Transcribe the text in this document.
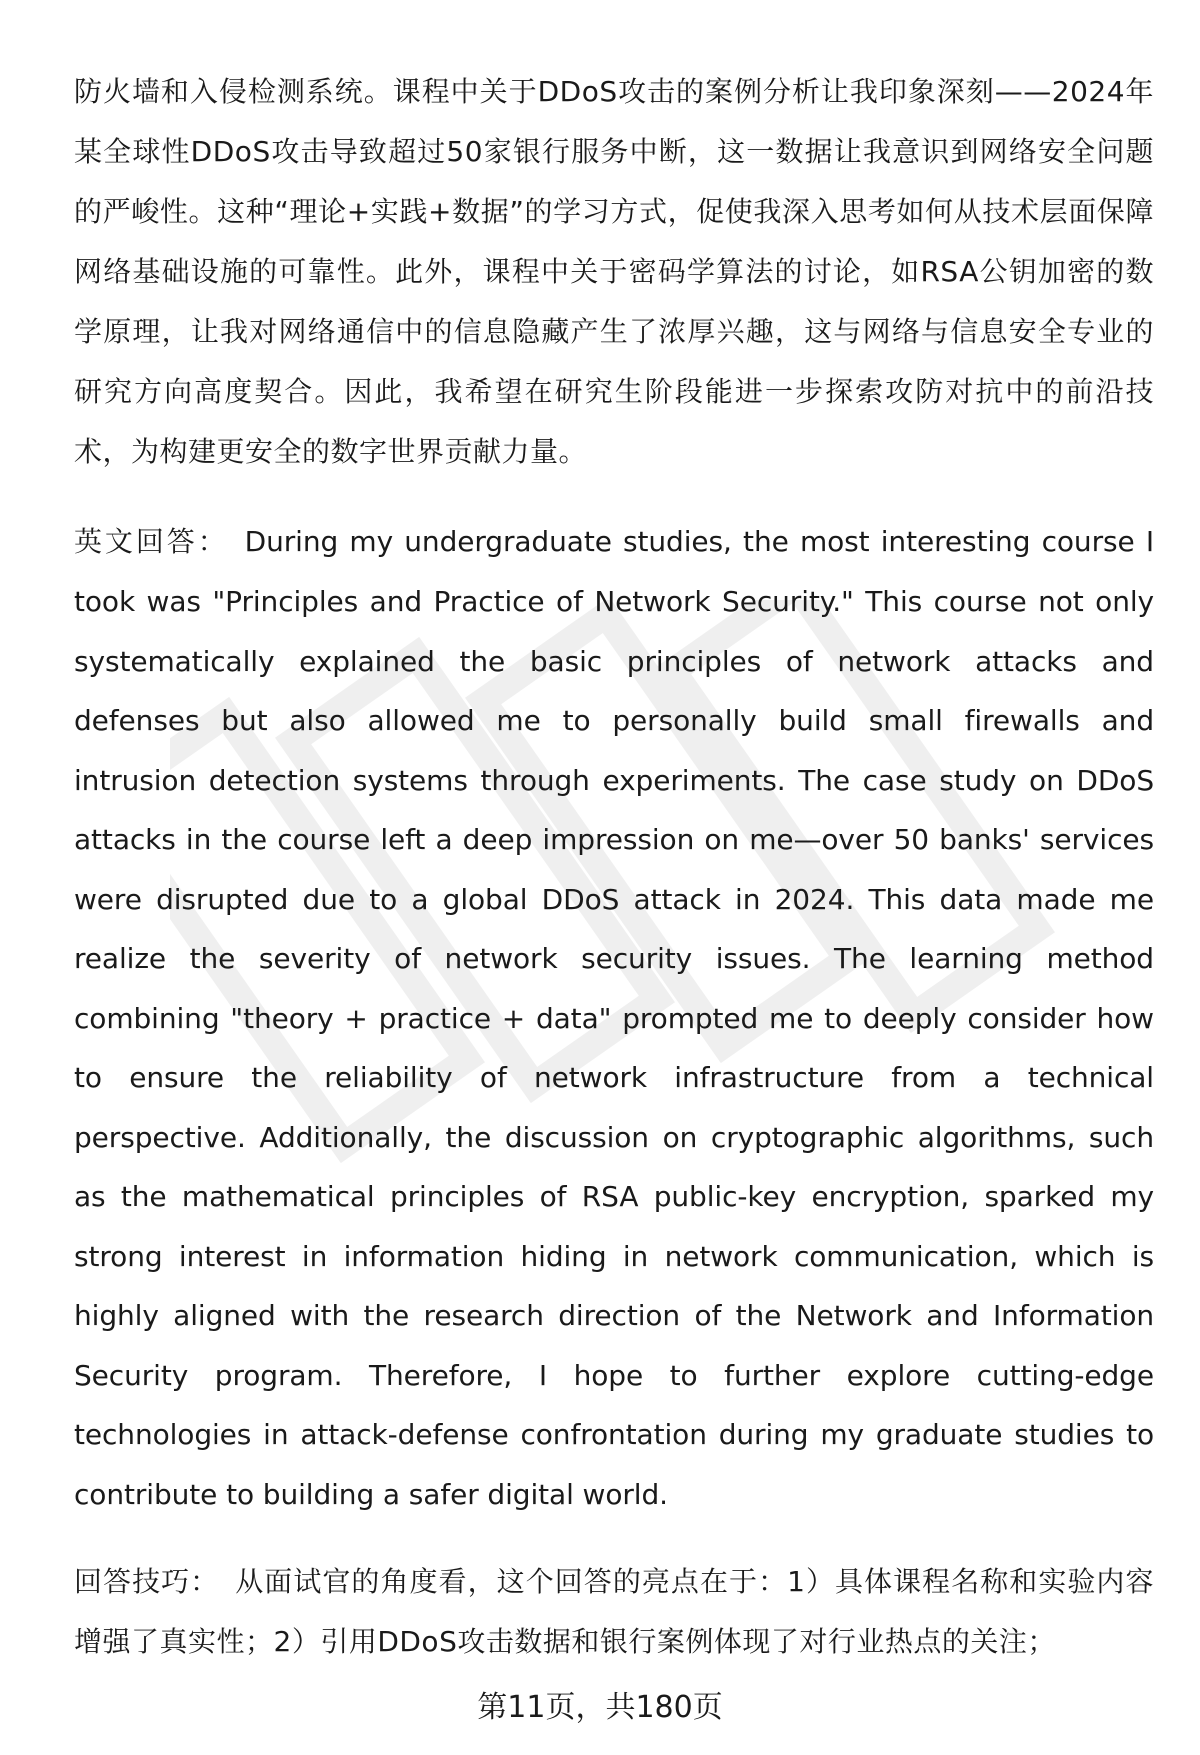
防火墙和入侵检测系统。课程中关于DDoS攻击的案例分析让我印象深刻——2024年某全球性DDoS攻击导致超过50家银行服务中断，这一数据让我意识到网络安全问题的严峻性。这种“理论+实践+数据”的学习方式，促使我深入思考如何从技术层面保障网络基础设施的可靠性。此外，课程中关于密码学算法的讨论，如RSA公钥加密的数学原理，让我对网络通信中的信息隐藏产生了浓厚兴趣，这与网络与信息安全专业的研究方向高度契合。因此，我希望在研究生阶段能进一步探索攻防对抗中的前沿技术，为构建更安全的数字世界贡献力量。

英文回答： During my undergraduate studies, the most interesting course I took was "Principles and Practice of Network Security." This course not only systematically explained the basic principles of network attacks and defenses but also allowed me to personally build small firewalls and intrusion detection systems through experiments. The case study on DDoS attacks in the course left a deep impression on me—over 50 banks' services were disrupted due to a global DDoS attack in 2024. This data made me realize the severity of network security issues. The learning method combining "theory + practice + data" prompted me to deeply consider how to ensure the reliability of network infrastructure from a technical perspective. Additionally, the discussion on cryptographic algorithms, such as the mathematical principles of RSA public-key encryption, sparked my strong interest in information hiding in network communication, which is highly aligned with the research direction of the Network and Information Security program. Therefore, I hope to further explore cutting-edge technologies in attack-defense confrontation during my graduate studies to contribute to building a safer digital world.

回答技巧： 从面试官的角度看，这个回答的亮点在于：1）具体课程名称和实验内容增强了真实性；2）引用DDoS攻击数据和银行案例体现了对行业热点的关注；

第11页，共180页
